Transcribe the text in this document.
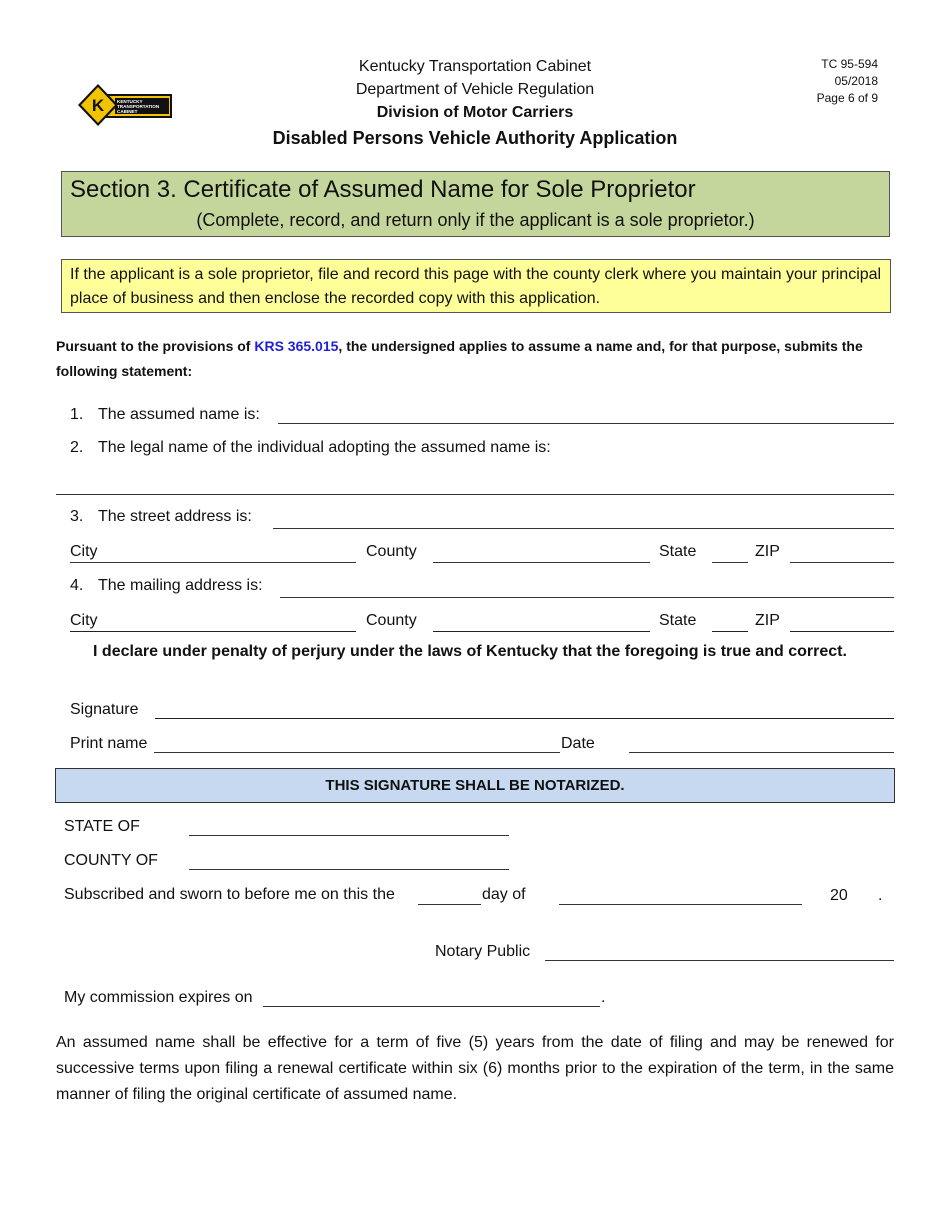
K	KENTUCKY TRANSPORTATION CABINET
Kentucky Transportation Cabinet
Department of Vehicle Regulation
Division of Motor Carriers
Disabled Persons Vehicle Authority Application
TC 95-594
05/2018
Page 6 of 9
Section 3. Certificate of Assumed Name for Sole Proprietor
(Complete, record, and return only if the applicant is a sole proprietor.)
If the applicant is a sole proprietor, file and record this page with the county clerk where you maintain your principal place of business and then enclose the recorded copy with this application.
Pursuant to the provisions of KRS 365.015, the undersigned applies to assume a name and, for that purpose, submits the following statement:
1. The assumed name is:
2. The legal name of the individual adopting the assumed name is:
3. The street address is:
City	County	State	ZIP
4. The mailing address is:
City	County	State	ZIP
I declare under penalty of perjury under the laws of Kentucky that the foregoing is true and correct.
Signature
Print name	Date
THIS SIGNATURE SHALL BE NOTARIZED.
STATE OF
COUNTY OF
Subscribed and sworn to before me on this the	day of	20 .
Notary Public
My commission expires on	.
An assumed name shall be effective for a term of five (5) years from the date of filing and may be renewed for successive terms upon filing a renewal certificate within six (6) months prior to the expiration of the term, in the same manner of filing the original certificate of assumed name.
